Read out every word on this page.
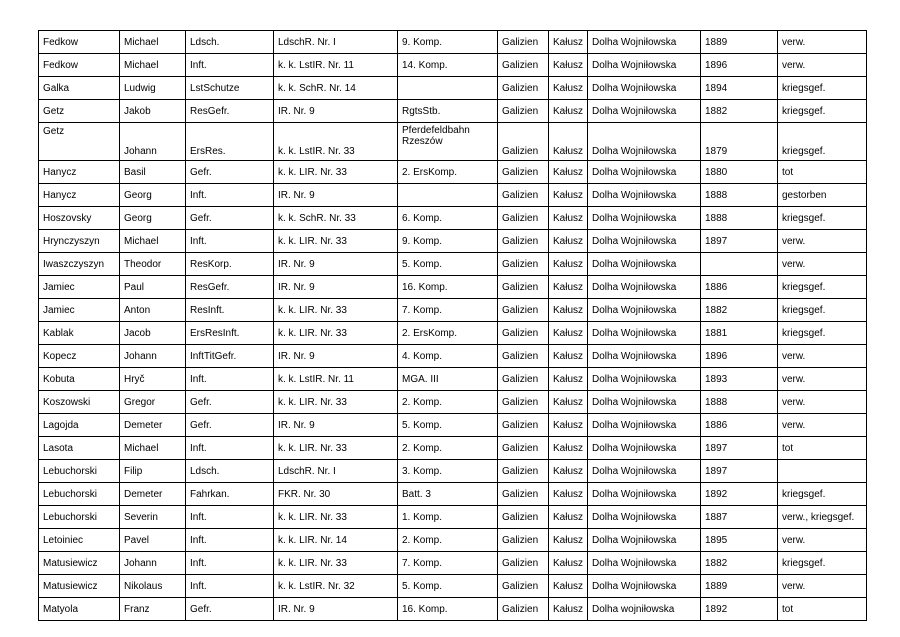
Fedkow	Michael	Ldsch.	LdschR. Nr. I	9. Komp.	Galizien	Kałusz	Dolha Wojniłowska	1889	verw.
Fedkow	Michael	Inft.	k. k. LstIR. Nr. 11	14. Komp.	Galizien	Kałusz	Dolha Wojniłowska	1896	verw.
Galka	Ludwig	LstSchutze	k. k. SchR. Nr. 14		Galizien	Kałusz	Dolha Wojniłowska	1894	kriegsgef.
Getz	Jakob	ResGefr.	IR. Nr. 9	RgtsStb.	Galizien	Kałusz	Dolha Wojniłowska	1882	kriegsgef.
Getz	Johann	ErsRes.	k. k. LstIR. Nr. 33	Pferdefeldbahn Rzeszów	Galizien	Kałusz	Dolha Wojniłowska	1879	kriegsgef.
Hanycz	Basil	Gefr.	k. k. LIR. Nr. 33	2. ErsKomp.	Galizien	Kałusz	Dolha Wojniłowska	1880	tot
Hanycz	Georg	Inft.	IR. Nr. 9		Galizien	Kałusz	Dolha Wojniłowska	1888	gestorben
Hoszovsky	Georg	Gefr.	k. k. SchR. Nr. 33	6. Komp.	Galizien	Kałusz	Dolha Wojniłowska	1888	kriegsgef.
Hrynczyszyn	Michael	Inft.	k. k. LIR. Nr. 33	9. Komp.	Galizien	Kałusz	Dolha Wojniłowska	1897	verw.
Iwaszczyszyn	Theodor	ResKorp.	IR. Nr. 9	5. Komp.	Galizien	Kałusz	Dolha Wojniłowska		verw.
Jamiec	Paul	ResGefr.	IR. Nr. 9	16. Komp.	Galizien	Kałusz	Dolha Wojniłowska	1886	kriegsgef.
Jamiec	Anton	ResInft.	k. k. LIR. Nr. 33	7. Komp.	Galizien	Kałusz	Dolha Wojniłowska	1882	kriegsgef.
Kablak	Jacob	ErsResInft.	k. k. LIR. Nr. 33	2. ErsKomp.	Galizien	Kałusz	Dolha Wojniłowska	1881	kriegsgef.
Kopecz	Johann	InftTitGefr.	IR. Nr. 9	4. Komp.	Galizien	Kałusz	Dolha Wojniłowska	1896	verw.
Kobuta	Hryč	Inft.	k. k. LstIR. Nr. 11	MGA. III	Galizien	Kałusz	Dolha Wojniłowska	1893	verw.
Koszowski	Gregor	Gefr.	k. k. LIR. Nr. 33	2. Komp.	Galizien	Kałusz	Dolha Wojniłowska	1888	verw.
Lagojda	Demeter	Gefr.	IR. Nr. 9	5. Komp.	Galizien	Kałusz	Dolha Wojniłowska	1886	verw.
Lasota	Michael	Inft.	k. k. LIR. Nr. 33	2. Komp.	Galizien	Kałusz	Dolha Wojniłowska	1897	tot
Lebuchorski	Filip	Ldsch.	LdschR. Nr. I	3. Komp.	Galizien	Kałusz	Dolha Wojniłowska	1897	
Lebuchorski	Demeter	Fahrkan.	FKR. Nr. 30	Batt. 3	Galizien	Kałusz	Dolha Wojniłowska	1892	kriegsgef.
Lebuchorski	Severin	Inft.	k. k. LIR. Nr. 33	1. Komp.	Galizien	Kałusz	Dolha Wojniłowska	1887	verw., kriegsgef.
Letoiniec	Pavel	Inft.	k. k. LIR. Nr. 14	2. Komp.	Galizien	Kałusz	Dolha Wojniłowska	1895	verw.
Matusiewicz	Johann	Inft.	k. k. LIR. Nr. 33	7. Komp.	Galizien	Kałusz	Dolha Wojniłowska	1882	kriegsgef.
Matusiewicz	Nikolaus	Inft.	k. k. LstIR. Nr. 32	5. Komp.	Galizien	Kałusz	Dolha Wojniłowska	1889	verw.
Matyola	Franz	Gefr.	IR. Nr. 9	16. Komp.	Galizien	Kałusz	Dolha wojniłowska	1892	tot
